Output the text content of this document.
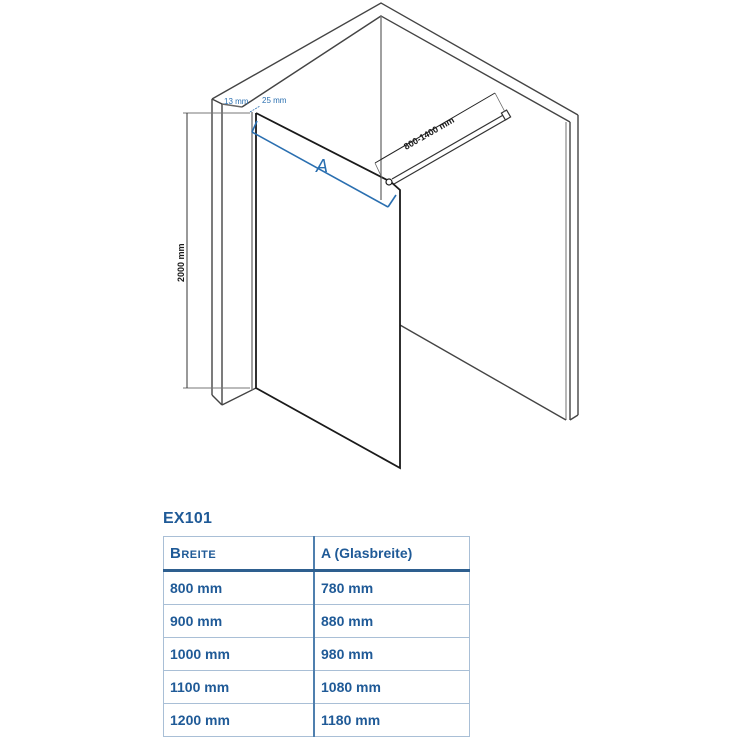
800-1400 mm
2000 mm
13 mm 25 mm
A
EX101
Breite	A (Glasbreite)
800 mm	780 mm
900 mm	880 mm
1000 mm	980 mm
1100 mm	1080 mm
1200 mm	1180 mm
